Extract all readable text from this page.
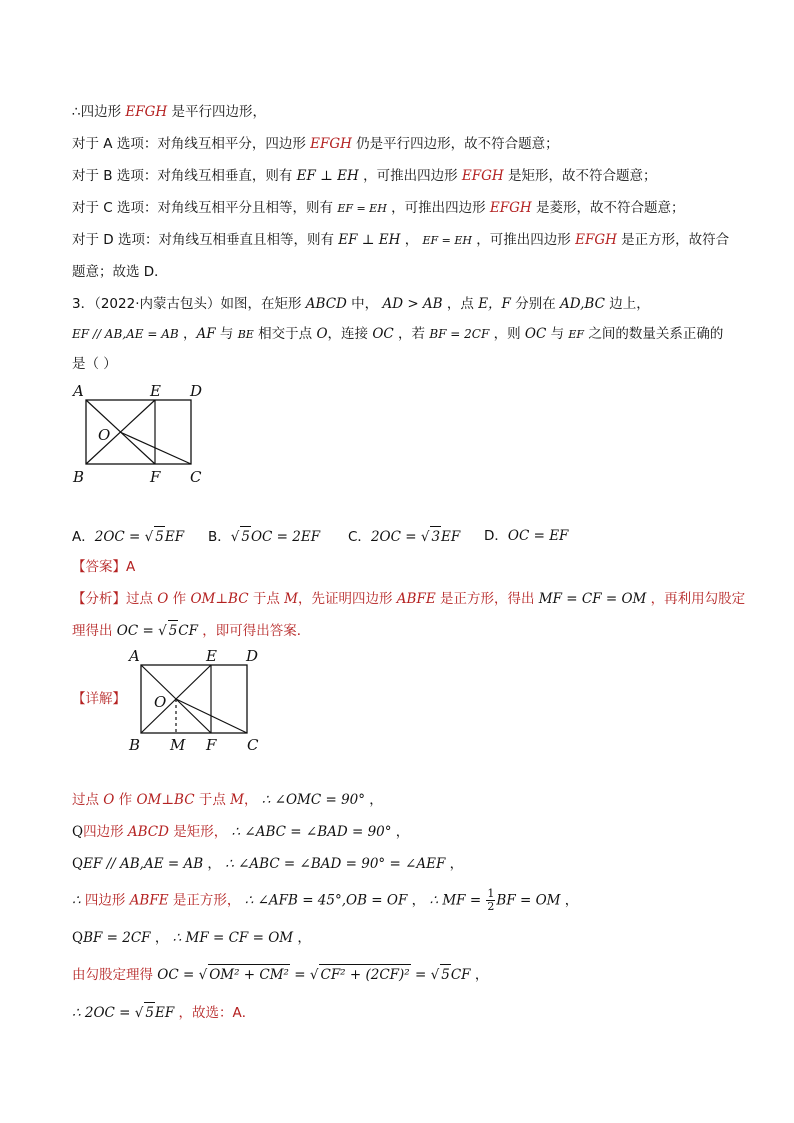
∴四边形 EFGH 是平行四边形，
对于 A 选项：对角线互相平分，四边形 EFGH 仍是平行四边形，故不符合题意；
对于 B 选项：对角线互相垂直，则有 EF ⊥ EH ，可推出四边形 EFGH 是矩形，故不符合题意；
对于 C 选项：对角线互相平分且相等，则有 EF = EH ，可推出四边形 EFGH 是菱形，故不符合题意；
对于 D 选项：对角线互相垂直且相等，则有 EF ⊥ EH ， EF = EH ，可推出四边形 EFGH 是正方形，故符合
题意；故选 D．
3．（2022·内蒙古包头）如图，在矩形 ABCD 中， AD > AB ，点 E，F 分别在 AD,BC 边上，
EF // AB,AE = AB ，AF 与 BE 相交于点 O，连接 OC ，若 BF = 2CF ，则 OC 与 EF 之间的数量关系正确的
是（ ）
A	E D
O
B	F C
A．2OC = √ 5EF B．√ 5OC = 2EF C．2OC = √ 3EF D．OC = EF
【答案】A
【分析】过点 O 作 OM⊥BC 于点 M，先证明四边形 ABFE 是正方形，得出 MF = CF = OM ，再利用勾股定
理得出 OC = √ 5CF ，即可得出答案．
【详解】
A	E D
O
B M F C
过点 O 作 OM⊥BC 于点 M， ∴ ∠OMC = 90° ，
Q四边形 ABCD 是矩形， ∴ ∠ABC = ∠BAD = 90° ，
QEF // AB,AE = AB ， ∴ ∠ABC = ∠BAD = 90° = ∠AEF ，
∴ 四边形 ABFE 是正方形， ∴ ∠AFB = 45°,OB = OF ， ∴ MF = $\frac{1}{2}$ BF = OM ，
QBF = 2CF ， ∴ MF = CF = OM ，
由勾股定理得 OC = √ OM² + CM² = √ CF² + (2CF)² = √ 5CF ，
∴ 2OC = √ 5EF ，故选：A．
